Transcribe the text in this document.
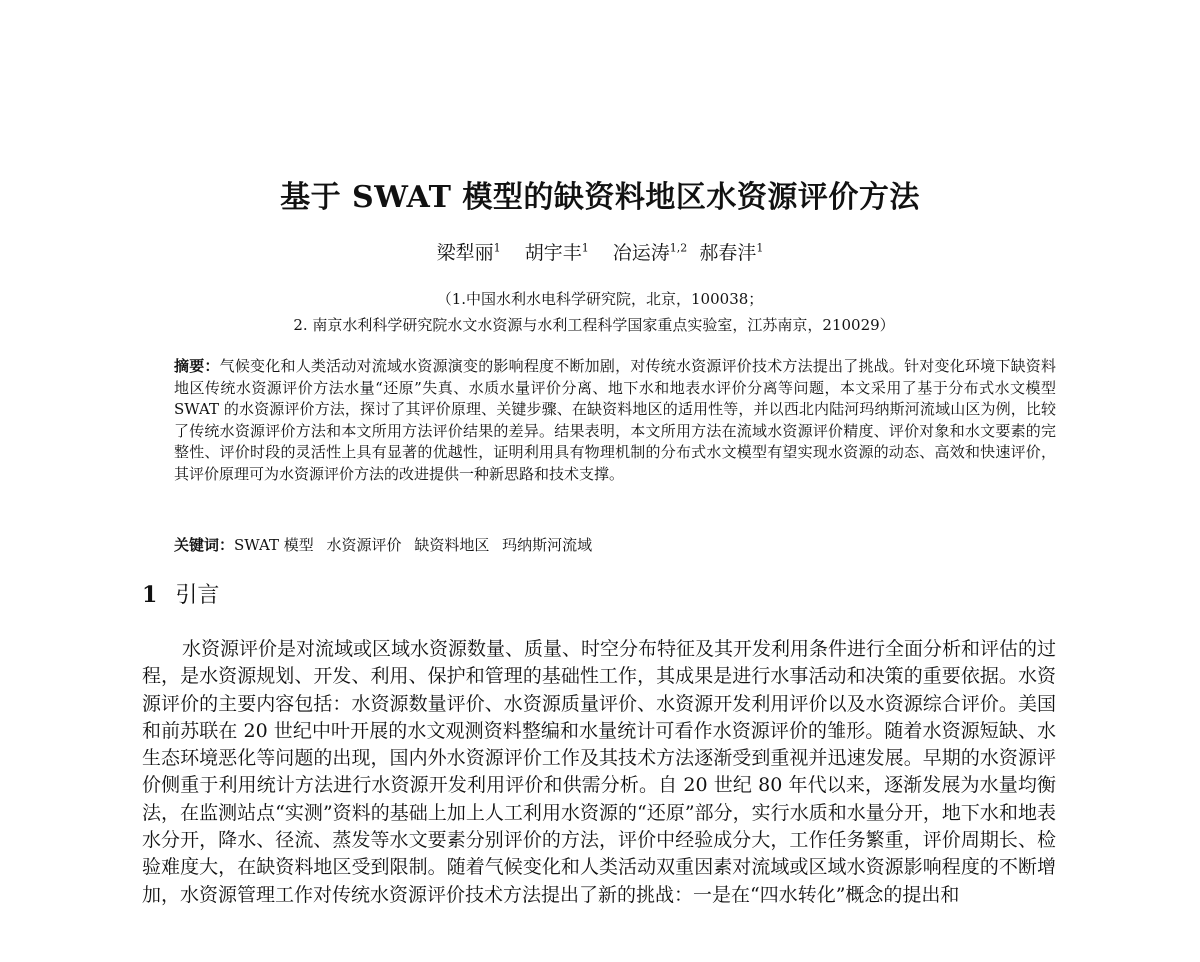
基于 SWAT 模型的缺资料地区水资源评价方法
梁犁丽$^1$ 胡宇丰$^1$ 冶运涛$^{1,2}$ 郝春沣$^1$
（1.中国水利水电科学研究院，北京，100038；
2. 南京水利科学研究院水文水资源与水利工程科学国家重点实验室，江苏南京，210029）
摘要：气候变化和人类活动对流域水资源演变的影响程度不断加剧，对传统水资源评价技术方法提出了挑战。针对变化环境下缺资料地区传统水资源评价方法水量“还原”失真、水质水量评价分离、地下水和地表水评价分离等问题，本文采用了基于分布式水文模型 SWAT 的水资源评价方法，探讨了其评价原理、关键步骤、在缺资料地区的适用性等，并以西北内陆河玛纳斯河流域山区为例，比较了传统水资源评价方法和本文所用方法评价结果的差异。结果表明，本文所用方法在流域水资源评价精度、评价对象和水文要素的完整性、评价时段的灵活性上具有显著的优越性，证明利用具有物理机制的分布式水文模型有望实现水资源的动态、高效和快速评价，其评价原理可为水资源评价方法的改进提供一种新思路和技术支撑。
关键词：SWAT 模型 水资源评价 缺资料地区 玛纳斯河流域
1 引言
水资源评价是对流域或区域水资源数量、质量、时空分布特征及其开发利用条件进行全面分析和评估的过程，是水资源规划、开发、利用、保护和管理的基础性工作，其成果是进行水事活动和决策的重要依据。水资源评价的主要内容包括：水资源数量评价、水资源质量评价、水资源开发利用评价以及水资源综合评价。美国和前苏联在 20 世纪中叶开展的水文观测资料整编和水量统计可看作水资源评价的雏形。随着水资源短缺、水生态环境恶化等问题的出现，国内外水资源评价工作及其技术方法逐渐受到重视并迅速发展。早期的水资源评价侧重于利用统计方法进行水资源开发利用评价和供需分析。自 20 世纪 80 年代以来，逐渐发展为水量均衡法，在监测站点“实测”资料的基础上加上人工利用水资源的“还原”部分，实行水质和水量分开，地下水和地表水分开，降水、径流、蒸发等水文要素分别评价的方法，评价中经验成分大，工作任务繁重，评价周期长、检验难度大，在缺资料地区受到限制。随着气候变化和人类活动双重因素对流域或区域水资源影响程度的不断增加，水资源管理工作对传统水资源评价技术方法提出了新的挑战：一是在“四水转化”概念的提出和
